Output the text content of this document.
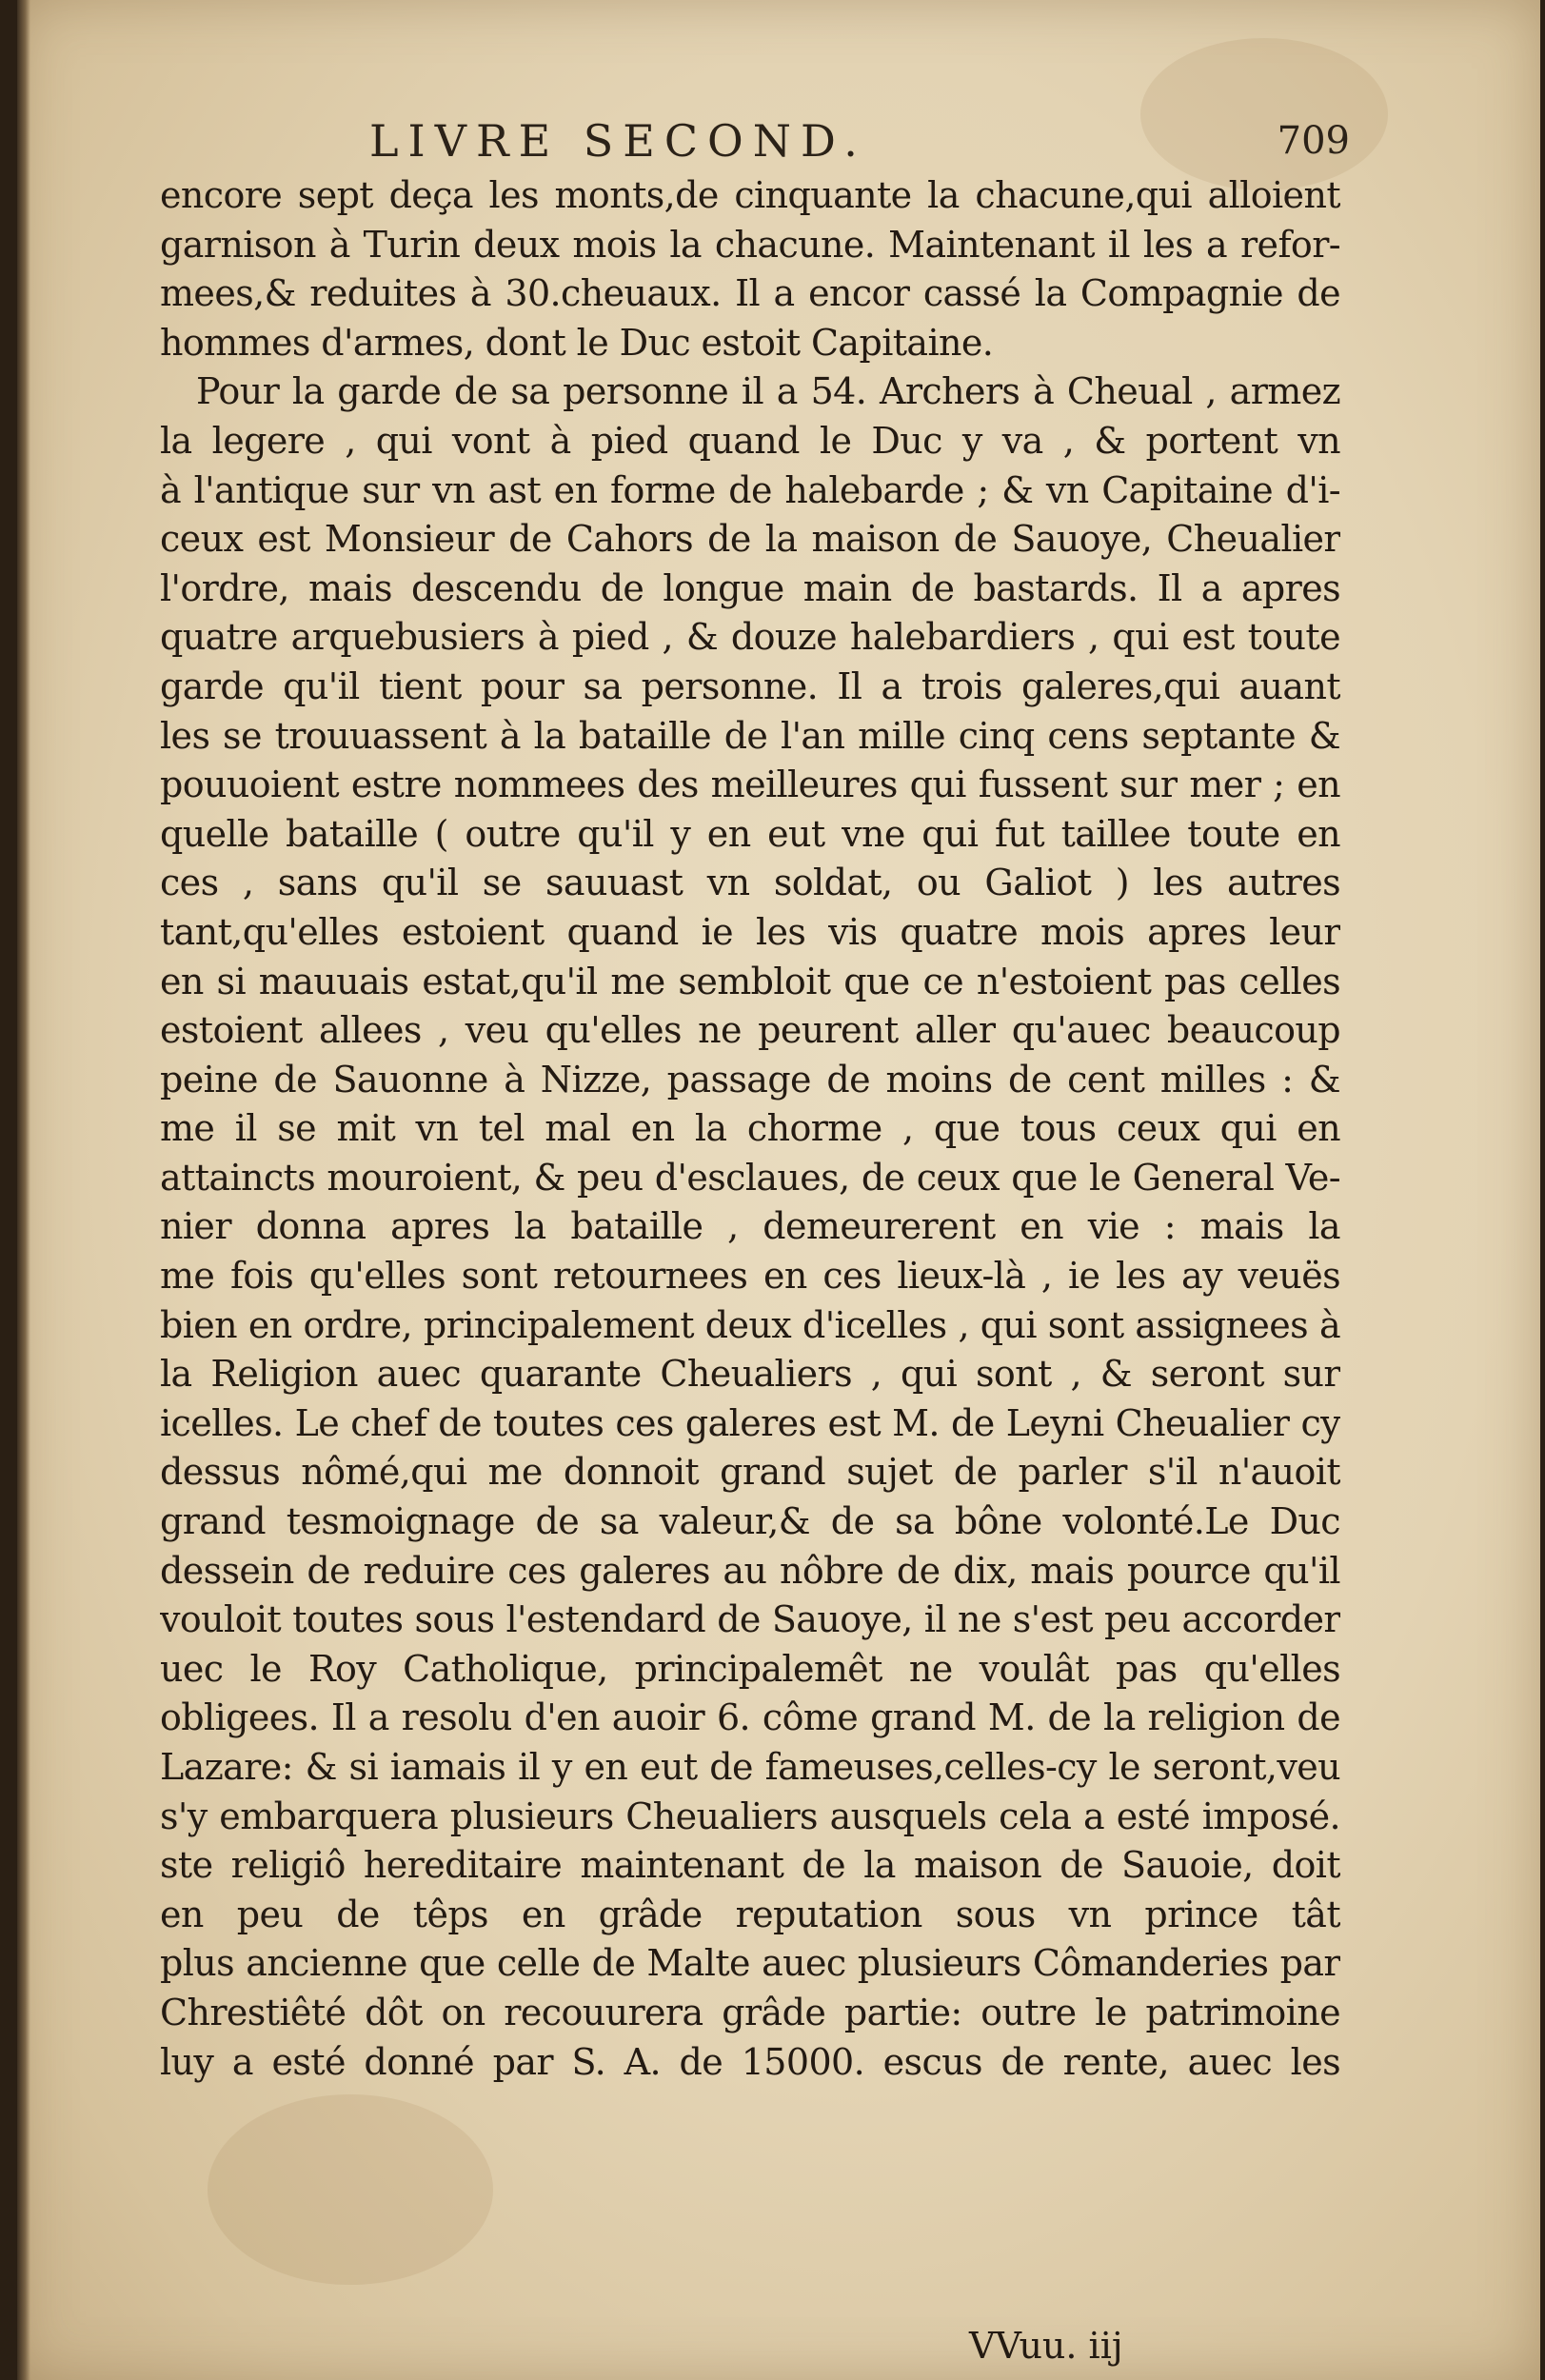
LIVRE SECOND.	709
encore sept deça les monts,de cinquante la chacune,qui alloient
garnison à Turin deux mois la chacune. Maintenant il les a refor-
mees,& reduites à 30.cheuaux. Il a encor cassé la Compagnie de
hommes d'armes, dont le Duc estoit Capitaine.
Pour la garde de sa personne il a 54. Archers à Cheual , armez
la legere , qui vont à pied quand le Duc y va , & portent vn
à l'antique sur vn ast en forme de halebarde ; & vn Capitaine d'i-
ceux est Monsieur de Cahors de la maison de Sauoye, Cheualier
l'ordre, mais descendu de longue main de bastards. Il a apres
quatre arquebusiers à pied , & douze halebardiers , qui est toute
garde qu'il tient pour sa personne. Il a trois galeres,qui auant
les se trouuassent à la bataille de l'an mille cinq cens septante &
pouuoient estre nommees des meilleures qui fussent sur mer ; en
quelle bataille ( outre qu'il y en eut vne qui fut taillee toute en
ces , sans qu'il se sauuast vn soldat, ou Galiot ) les autres
tant,qu'elles estoient quand ie les vis quatre mois apres leur
en si mauuais estat,qu'il me sembloit que ce n'estoient pas celles
estoient allees , veu qu'elles ne peurent aller qu'auec beaucoup
peine de Sauonne à Nizze, passage de moins de cent milles : &
me il se mit vn tel mal en la chorme , que tous ceux qui en
attaincts mouroient, & peu d'esclaues, de ceux que le General Ve-
nier donna apres la bataille , demeurerent en vie : mais la
me fois qu'elles sont retournees en ces lieux-là , ie les ay veuës
bien en ordre, principalement deux d'icelles , qui sont assignees à
la Religion auec quarante Cheualiers , qui sont , & seront sur
icelles. Le chef de toutes ces galeres est M. de Leyni Cheualier cy
dessus nômé,qui me donnoit grand sujet de parler s'il n'auoit
grand tesmoignage de sa valeur,& de sa bône volonté.Le Duc
dessein de reduire ces galeres au nôbre de dix, mais pource qu'il
vouloit toutes sous l'estendard de Sauoye, il ne s'est peu accorder
uec le Roy Catholique, principalemêt ne voulât pas qu'elles
obligees. Il a resolu d'en auoir 6. côme grand M. de la religion de
Lazare: & si iamais il y en eut de fameuses,celles-cy le seront,veu
s'y embarquera plusieurs Cheualiers ausquels cela a esté imposé.
ste religiô hereditaire maintenant de la maison de Sauoie, doit
en peu de têps en grâde reputation sous vn prince tât
plus ancienne que celle de Malte auec plusieurs Cômanderies par
Chrestiêté dôt on recouurera grâde partie: outre le patrimoine
luy a esté donné par S. A. de 15000. escus de rente, auec les
VVuu. iij
